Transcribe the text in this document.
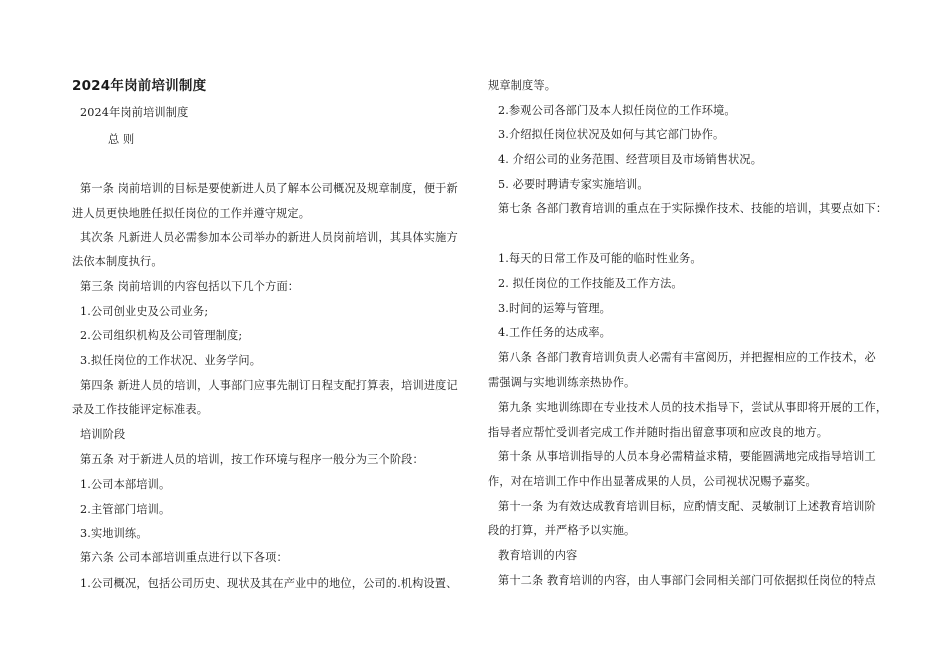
2024年岗前培训制度
2024年岗前培训制度
总 则
第一条 岗前培训的目标是要使新进人员了解本公司概况及规章制度，便于新
进人员更快地胜任拟任岗位的工作并遵守规定。
其次条 凡新进人员必需参加本公司举办的新进人员岗前培训，其具体实施方
法依本制度执行。
第三条 岗前培训的内容包括以下几个方面：
1.公司创业史及公司业务;
2.公司组织机构及公司管理制度;
3.拟任岗位的工作状况、业务学问。
第四条 新进人员的培训，人事部门应事先制订日程支配打算表，培训进度记
录及工作技能评定标准表。
培训阶段
第五条 对于新进人员的培训，按工作环境与程序一般分为三个阶段：
1.公司本部培训。
2.主管部门培训。
3.实地训练。
第六条 公司本部培训重点进行以下各项：
1.公司概况，包括公司历史、现状及其在产业中的地位，公司的.机构设置、
规章制度等。
2.参观公司各部门及本人拟任岗位的工作环境。
3.介绍拟任岗位状况及如何与其它部门协作。
4. 介绍公司的业务范围、经营项目及市场销售状况。
5. 必要时聘请专家实施培训。
第七条 各部门教育培训的重点在于实际操作技术、技能的培训，其要点如下：
1.每天的日常工作及可能的临时性业务。
2. 拟任岗位的工作技能及工作方法。
3.时间的运筹与管理。
4.工作任务的达成率。
第八条 各部门教育培训负责人必需有丰富阅历，并把握相应的工作技术，必
需强调与实地训练亲热协作。
第九条 实地训练即在专业技术人员的技术指导下，尝试从事即将开展的工作，
指导者应帮忙受训者完成工作并随时指出留意事项和应改良的地方。
第十条 从事培训指导的人员本身必需精益求精，要能圆满地完成指导培训工
作，对在培训工作中作出显著成果的人员，公司视状况赐予嘉奖。
第十一条 为有效达成教育培训目标，应酌情支配、灵敏制订上述教育培训阶
段的打算，并严格予以实施。
教育培训的内容
第十二条 教育培训的内容，由人事部门会同相关部门可依据拟任岗位的特点
